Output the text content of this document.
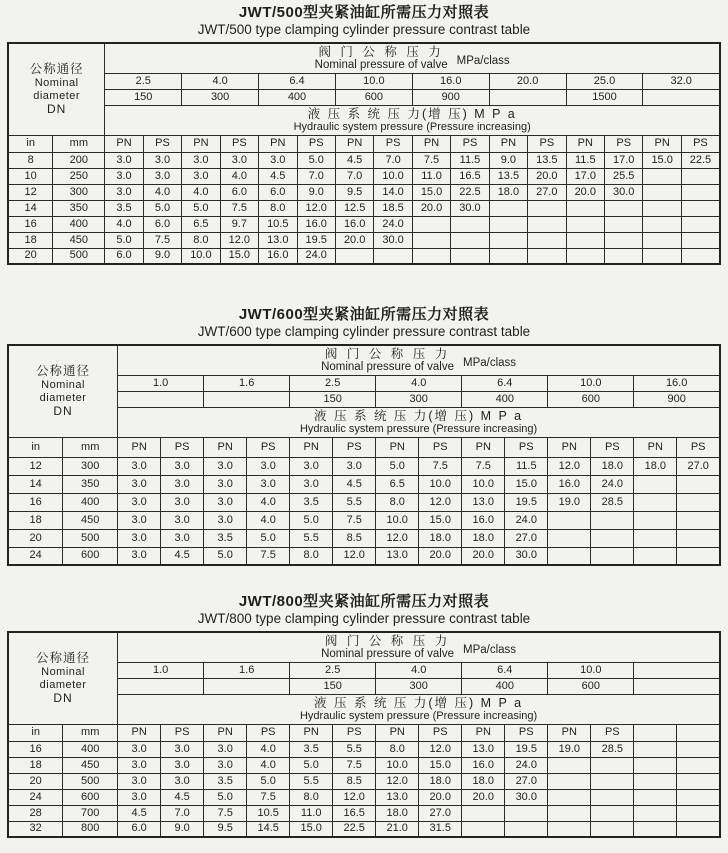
JWT/500型夹紧油缸所需压力对照表
JWT/500 type clamping cylinder pressure contrast table
公称通径
Nominal
diameter
DN

阀 门 公 称 压 力
Nominal pressure of valve MPa/class

		2.5		4.0		6.4		10.0		16.0		20.0		25.0		32.0	
		150		300		400		600		900				1500			

		液 压 系 统 压 力(增 压) M P a
Hydraulic system pressure (Pressure increasing)															

in	mm	PN	PS	PN	PS	PN	PS	PN	PS	PN	PS	PN	PS	PN	PS	PN	PS
8	200	3.0	3.0	3.0	3.0	3.0	5.0	4.5	7.0	7.5	11.5	9.0	13.5	11.5	17.0	15.0	22.5
10	250	3.0	3.0	3.0	4.0	4.5	7.0	7.0	10.0	11.0	16.5	13.5	20.0	17.0	25.5		
12	300	3.0	4.0	4.0	6.0	6.0	9.0	9.5	14.0	15.0	22.5	18.0	27.0	20.0	30.0		
14	350	3.5	5.0	5.0	7.5	8.0	12.0	12.5	18.5	20.0	30.0						
16	400	4.0	6.0	6.5	9.7	10.5	16.0	16.0	24.0								
18	450	5.0	7.5	8.0	12.0	13.0	19.5	20.0	30.0								
20	500	6.0	9.0	10.0	15.0	16.0	24.0										
JWT/600型夹紧油缸所需压力对照表
JWT/600 type clamping cylinder pressure contrast table
公称通径
Nominal
diameter
DN

阀 门 公 称 压 力
Nominal pressure of valve MPa/class

		1.0		1.6		2.5		4.0		6.4		10.0		16.0	
						150		300		400		600		900	

		液 压 系 统 压 力(增 压) M P a
Hydraulic system pressure (Pressure increasing)													

in	mm	PN	PS	PN	PS	PN	PS	PN	PS	PN	PS	PN	PS	PN	PS
12	300	3.0	3.0	3.0	3.0	3.0	3.0	5.0	7.5	7.5	11.5	12.0	18.0	18.0	27.0
14	350	3.0	3.0	3.0	3.0	3.0	4.5	6.5	10.0	10.0	15.0	16.0	24.0		
16	400	3.0	3.0	3.0	4.0	3.5	5.5	8.0	12.0	13.0	19.5	19.0	28.5		
18	450	3.0	3.0	3.0	4.0	5.0	7.5	10.0	15.0	16.0	24.0				
20	500	3.0	3.0	3.5	5.0	5.5	8.5	12.0	18.0	18.0	27.0				
24	600	3.0	4.5	5.0	7.5	8.0	12.0	13.0	20.0	20.0	30.0				
JWT/800型夹紧油缸所需压力对照表
JWT/800 type clamping cylinder pressure contrast table
公称通径
Nominal
diameter
DN

阀 门 公 称 压 力
Nominal pressure of valve MPa/class

		1.0		1.6		2.5		4.0		6.4		10.0			
						150		300		400		600			

		液 压 系 统 压 力(增 压) M P a
Hydraulic system pressure (Pressure increasing)													

in	mm	PN	PS	PN	PS	PN	PS	PN	PS	PN	PS	PN	PS		
16	400	3.0	3.0	3.0	4.0	3.5	5.5	8.0	12.0	13.0	19.5	19.0	28.5		
18	450	3.0	3.0	3.0	4.0	5.0	7.5	10.0	15.0	16.0	24.0				
20	500	3.0	3.0	3.5	5.0	5.5	8.5	12.0	18.0	18.0	27.0				
24	600	3.0	4.5	5.0	7.5	8.0	12.0	13.0	20.0	20.0	30.0				
28	700	4.5	7.0	7.5	10.5	11.0	16.5	18.0	27.0						
32	800	6.0	9.0	9.5	14.5	15.0	22.5	21.0	31.5						
